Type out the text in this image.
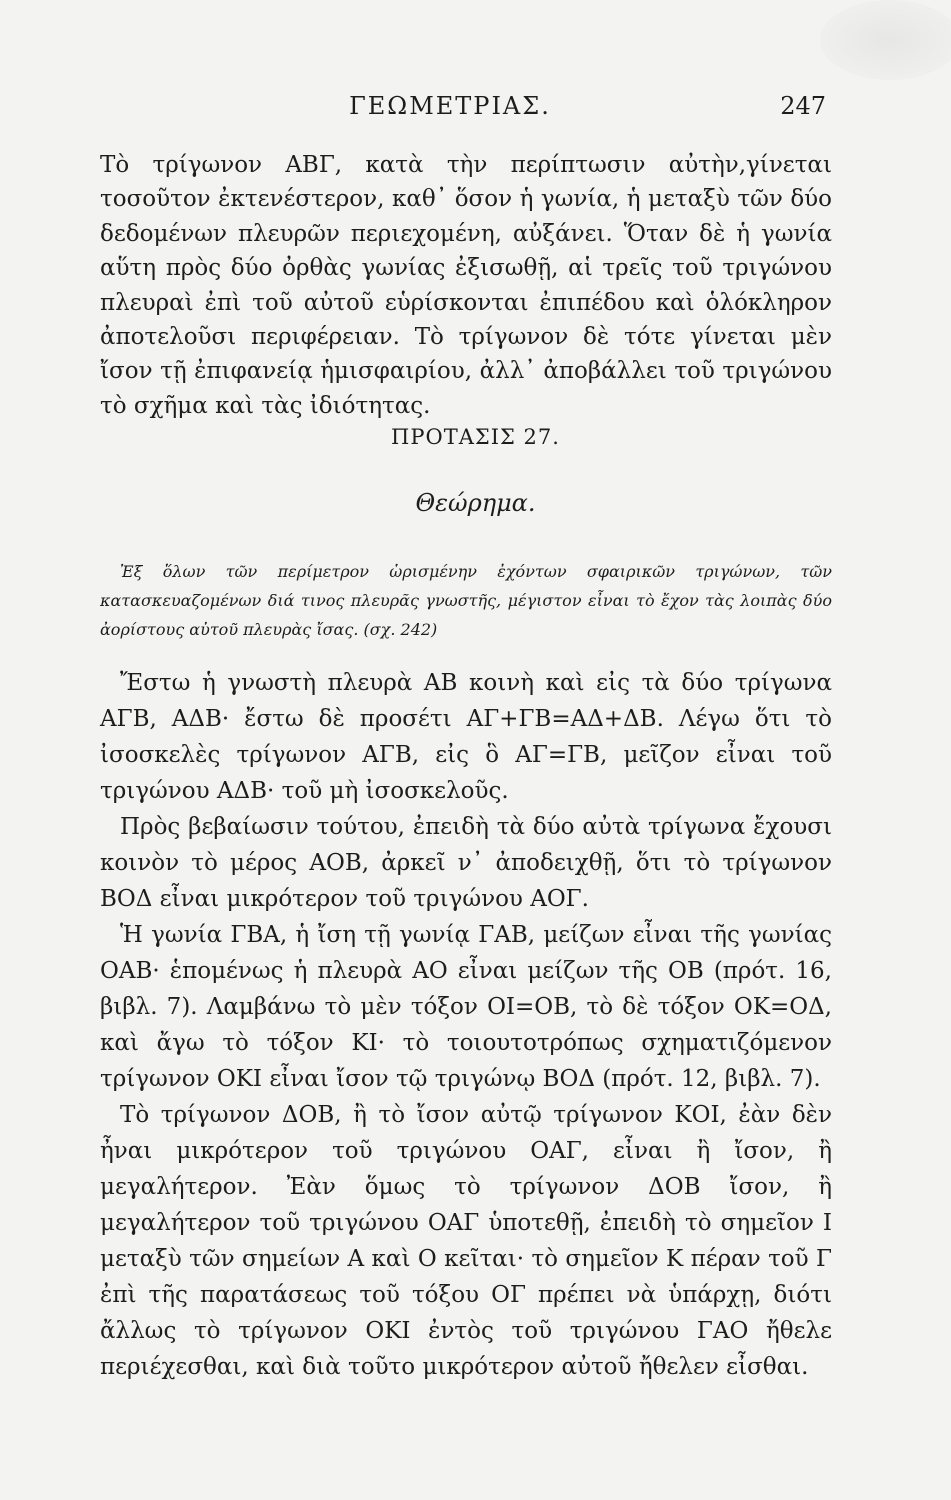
ΓΕΩΜΕΤΡΙΑΣ.	247

Τὸ τρίγωνον ΑΒΓ, κατὰ τὴν περίπτωσιν αὐτὴν,γίνεται τοσοῦτον ἐκτενέστερον, καθ᾽ ὅσον ἡ γωνία, ἡ μεταξὺ τῶν δύο δεδομένων πλευρῶν περιεχομένη, αὐξάνει. Ὅταν δὲ ἡ γωνία αὕτη πρὸς δύο ὀρθὰς γωνίας ἐξισωθῇ, αἱ τρεῖς τοῦ τριγώνου πλευραὶ ἐπὶ τοῦ αὐτοῦ εὑρίσκονται ἐπιπέδου καὶ ὁλόκληρον ἀποτελοῦσι περιφέρειαν. Τὸ τρίγωνον δὲ τότε γίνεται μὲν ἴσον τῇ ἐπιφανείᾳ ἡμισφαιρίου, ἀλλ᾽ ἀποβάλλει τοῦ τριγώνου τὸ σχῆμα καὶ τὰς ἰδιότητας.

ΠΡΟΤΑΣΙΣ 27.
Θεώρημα.

Ἐξ ὅλων τῶν περίμετρον ὡρισμένην ἐχόντων σφαιρικῶν τριγώνων, τῶν κατασκευαζομένων διά τινος πλευρᾶς γνωστῆς, μέγιστον εἶναι τὸ ἔχον τὰς λοιπὰς δύο ἀορίστους αὐτοῦ πλευρὰς ἴσας. (σχ. 242)

Ἔστω ἡ γνωστὴ πλευρὰ ΑΒ κοινὴ καὶ εἰς τὰ δύο τρίγωνα ΑΓΒ, ΑΔΒ· ἔστω δὲ προσέτι ΑΓ+ΓΒ=ΑΔ+ΔΒ. Λέγω ὅτι τὸ ἰσοσκελὲς τρίγωνον ΑΓΒ, εἰς ὃ ΑΓ=ΓΒ, μεῖζον εἶναι τοῦ τριγώνου ΑΔΒ· τοῦ μὴ ἰσοσκελοῦς.

Πρὸς βεβαίωσιν τούτου, ἐπειδὴ τὰ δύο αὐτὰ τρίγωνα ἔχουσι κοινὸν τὸ μέρος ΑΟΒ, ἀρκεῖ ν᾽ ἀποδειχθῇ, ὅτι τὸ τρίγωνον ΒΟΔ εἶναι μικρότερον τοῦ τριγώνου ΑΟΓ.

Ἡ γωνία ΓΒΑ, ἡ ἴση τῇ γωνίᾳ ΓΑΒ, μείζων εἶναι τῆς γωνίας ΟΑΒ· ἑπομένως ἡ πλευρὰ ΑΟ εἶναι μείζων τῆς ΟΒ (πρότ. 16, βιβλ. 7). Λαμβάνω τὸ μὲν τόξον ΟΙ=ΟΒ, τὸ δὲ τόξον ΟΚ=ΟΔ, καὶ ἄγω τὸ τόξον ΚΙ· τὸ τοιουτοτρόπως σχηματιζόμενον τρίγωνον ΟΚΙ εἶναι ἴσον τῷ τριγώνῳ ΒΟΔ (πρότ. 12, βιβλ. 7).

Τὸ τρίγωνον ΔΟΒ, ἢ τὸ ἴσον αὐτῷ τρίγωνον ΚΟΙ, ἐὰν δὲν ἦναι μικρότερον τοῦ τριγώνου ΟΑΓ, εἶναι ἢ ἴσον, ἢ μεγαλήτερον. Ἐὰν ὅμως τὸ τρίγωνον ΔΟΒ ἴσον, ἢ μεγαλήτερον τοῦ τριγώνου ΟΑΓ ὑποτεθῇ, ἐπειδὴ τὸ σημεῖον Ι μεταξὺ τῶν σημείων Α καὶ Ο κεῖται· τὸ σημεῖον Κ πέραν τοῦ Γ ἐπὶ τῆς παρατάσεως τοῦ τόξου ΟΓ πρέπει νὰ ὑπάρχῃ, διότι ἄλλως τὸ τρίγωνον ΟΚΙ ἐντὸς τοῦ τριγώνου ΓΑΟ ἤθελε περιέχεσθαι, καὶ διὰ τοῦτο μικρότερον αὐτοῦ ἤθελεν εἶσθαι.
